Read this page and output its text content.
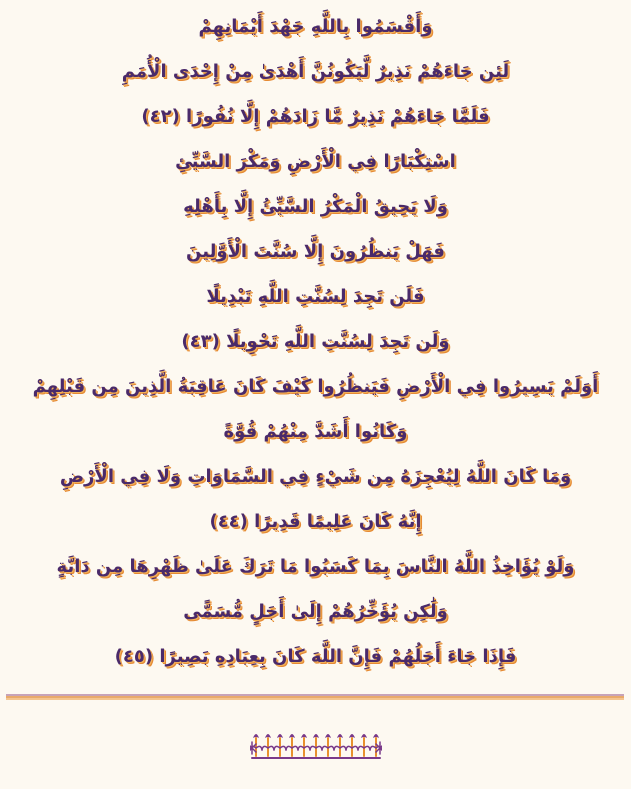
وَأَقْسَمُوا بِاللَّهِ جَهْدَ أَيْمَانِهِمْ
لَئِن جَاءَهُمْ نَذِيرٌ لَّيَكُونُنَّ أَهْدَىٰ مِنْ إِحْدَى الْأُمَمِ
فَلَمَّا جَاءَهُمْ نَذِيرٌ مَّا زَادَهُمْ إِلَّا نُفُورًا (٤٢)
اسْتِكْبَارًا فِي الْأَرْضِ وَمَكْرَ السَّيِّئِ
وَلَا يَحِيقُ الْمَكْرُ السَّيِّئُ إِلَّا بِأَهْلِهِ
فَهَلْ يَنظُرُونَ إِلَّا سُنَّتَ الْأَوَّلِينَ
فَلَن تَجِدَ لِسُنَّتِ اللَّهِ تَبْدِيلًا
وَلَن تَجِدَ لِسُنَّتِ اللَّهِ تَحْوِيلًا (٤٣)
أَوَلَمْ يَسِيرُوا فِي الْأَرْضِ فَيَنظُرُوا كَيْفَ كَانَ عَاقِبَةُ الَّذِينَ مِن قَبْلِهِمْ
وَكَانُوا أَشَدَّ مِنْهُمْ قُوَّةً
وَمَا كَانَ اللَّهُ لِيُعْجِزَهُ مِن شَيْءٍ فِي السَّمَاوَاتِ وَلَا فِي الْأَرْضِ
إِنَّهُ كَانَ عَلِيمًا قَدِيرًا (٤٤)
وَلَوْ يُؤَاخِذُ اللَّهُ النَّاسَ بِمَا كَسَبُوا مَا تَرَكَ عَلَىٰ ظَهْرِهَا مِن دَابَّةٍ
وَلَٰكِن يُؤَخِّرُهُمْ إِلَىٰ أَجَلٍ مُّسَمًّى
فَإِذَا جَاءَ أَجَلُهُمْ فَإِنَّ اللَّهَ كَانَ بِعِبَادِهِ بَصِيرًا (٤٥)
